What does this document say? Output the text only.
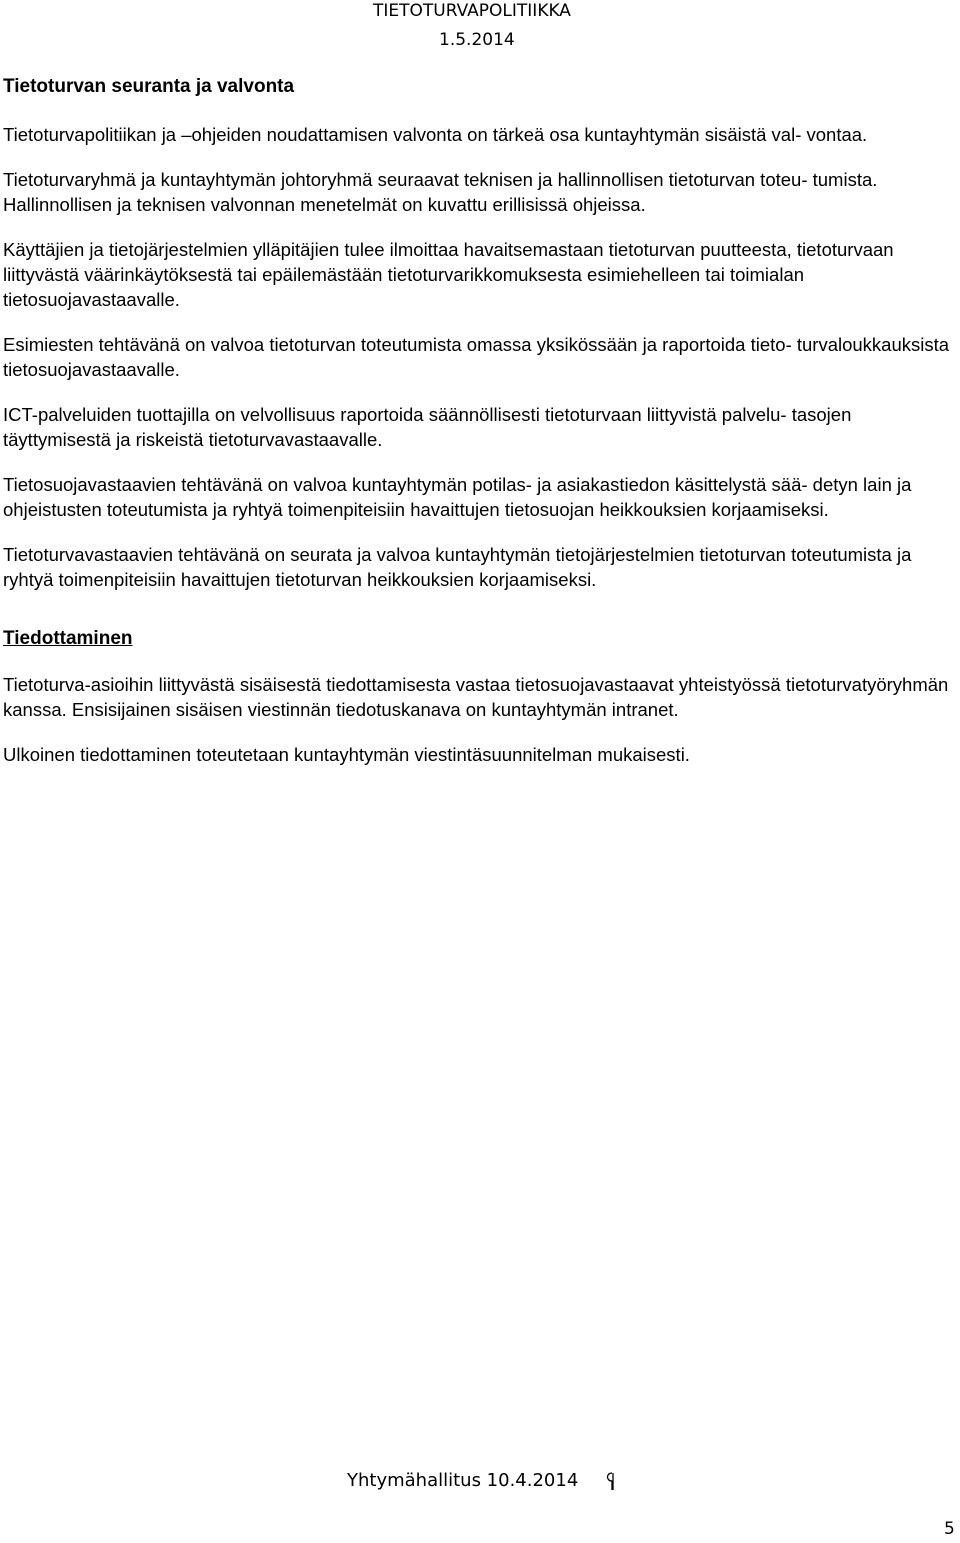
TIETOTURVAPOLITIIKKA
1.5.2014
Tietoturvan seuranta ja valvonta

Tietoturvapolitiikan ja –ohjeiden noudattamisen valvonta on tärkeä osa kuntayhtymän sisäistä val- vontaa.

Tietoturvaryhmä ja kuntayhtymän johtoryhmä seuraavat teknisen ja hallinnollisen tietoturvan toteu- tumista. Hallinnollisen ja teknisen valvonnan menetelmät on kuvattu erillisissä ohjeissa.

Käyttäjien ja tietojärjestelmien ylläpitäjien tulee ilmoittaa havaitsemastaan tietoturvan puutteesta, tietoturvaan liittyvästä väärinkäytöksestä tai epäilemästään tietoturvarikkomuksesta esimiehelleen tai toimialan tietosuojavastaavalle.

Esimiesten tehtävänä on valvoa tietoturvan toteutumista omassa yksikössään ja raportoida tieto- turvaloukkauksista tietosuojavastaavalle.

ICT-palveluiden tuottajilla on velvollisuus raportoida säännöllisesti tietoturvaan liittyvistä palvelu- tasojen täyttymisestä ja riskeistä tietoturvavastaavalle.

Tietosuojavastaavien tehtävänä on valvoa kuntayhtymän potilas- ja asiakastiedon käsittelystä sää- detyn lain ja ohjeistusten toteutumista ja ryhtyä toimenpiteisiin havaittujen tietosuojan heikkouksien korjaamiseksi.

Tietoturvavastaavien tehtävänä on seurata ja valvoa kuntayhtymän tietojärjestelmien tietoturvan toteutumista ja ryhtyä toimenpiteisiin havaittujen tietoturvan heikkouksien korjaamiseksi.

Tiedottaminen

Tietoturva-asioihin liittyvästä sisäisestä tiedottamisesta vastaa tietosuojavastaavat yhteistyössä tietoturvatyöryhmän kanssa. Ensisijainen sisäisen viestinnän tiedotuskanava on kuntayhtymän intranet.

Ulkoinen tiedottaminen toteutetaan kuntayhtymän viestintäsuunnitelman mukaisesti.

Yhtymähallitus 10.4.2014
5
